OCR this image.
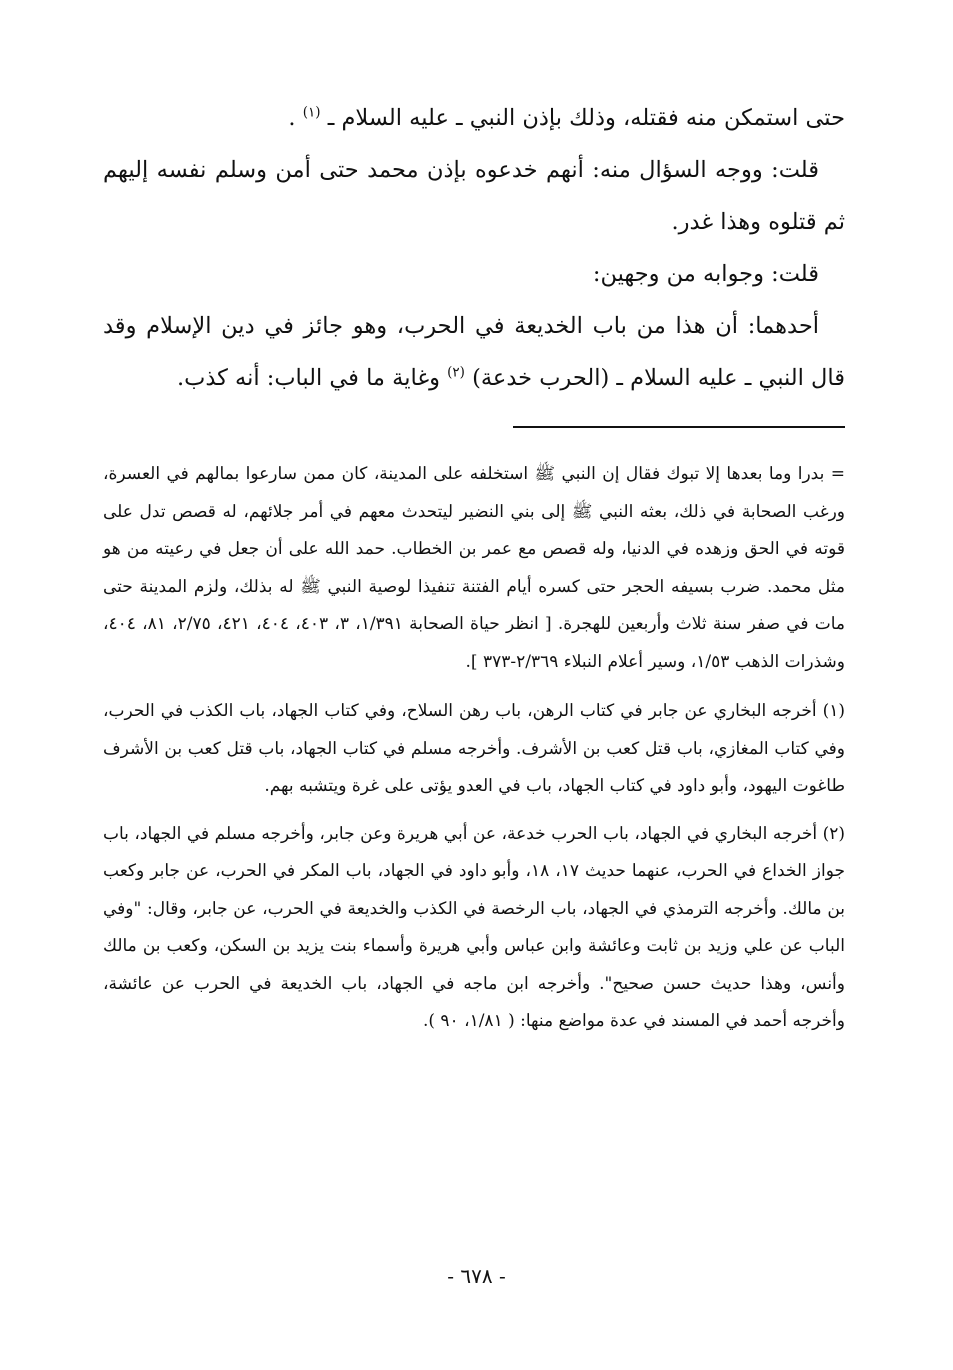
حتى استمكن منه فقتله، وذلك بإذن النبي ـ عليه السلام ـ $^{(١)}$ .

قلت: ووجه السؤال منه: أنهم خدعوه بإذن محمد حتى أمن وسلم نفسه إليهم ثم قتلوه وهذا غدر.

قلت: وجوابه من وجهين:

أحدهما: أن هذا من باب الخديعة في الحرب، وهو جائز في دين الإسلام وقد قال النبي ـ عليه السلام ـ (الحرب خدعة) $^{(٢)}$ وغاية ما في الباب: أنه كذب.

= بدرا وما بعدها إلا تبوك فقال إن النبي ﷺ استخلفه على المدينة، كان ممن سارعوا بمالهم في العسرة، ورغب الصحابة في ذلك، بعثه النبي ﷺ إلى بني النضير ليتحدث معهم في أمر جلائهم، له قصص تدل على قوته في الحق وزهده في الدنيا، وله قصص مع عمر بن الخطاب. حمد الله على أن جعل في رعيته من هو مثل محمد. ضرب بسيفه الحجر حتى كسره أيام الفتنة تنفيذا لوصية النبي ﷺ له بذلك، ولزم المدينة حتى مات في صفر سنة ثلاث وأربعين للهجرة. [ انظر حياة الصحابة ١/٣٩١، ٣، ٤٠٣، ٤٠٤، ٤٢١، ٢/٧٥، ٨١، ٤٠٤، وشذرات الذهب ١/٥٣، وسير أعلام النبلاء ٢/٣٦٩-٣٧٣ ].

(١) أخرجه البخاري عن جابر في كتاب الرهن، باب رهن السلاح، وفي كتاب الجهاد، باب الكذب في الحرب، وفي كتاب المغازي، باب قتل كعب بن الأشرف. وأخرجه مسلم في كتاب الجهاد، باب قتل كعب بن الأشرف طاغوت اليهود، وأبو داود في كتاب الجهاد، باب في العدو يؤتى على غرة ويتشبه بهم.

(٢) أخرجه البخاري في الجهاد، باب الحرب خدعة، عن أبي هريرة وعن جابر، وأخرجه مسلم في الجهاد، باب جواز الخداع في الحرب، عنهما حديث ١٧، ١٨، وأبو داود في الجهاد، باب المكر في الحرب، عن جابر وكعب بن مالك. وأخرجه الترمذي في الجهاد، باب الرخصة في الكذب والخديعة في الحرب، عن جابر، وقال: "وفي الباب عن علي وزيد بن ثابت وعائشة وابن عباس وأبي هريرة وأسماء بنت يزيد بن السكن، وكعب بن مالك وأنس، وهذا حديث حسن صحيح". وأخرجه ابن ماجه في الجهاد، باب الخديعة في الحرب عن عائشة، وأخرجه أحمد في المسند في عدة مواضع منها: ( ١/٨١، ٩٠ ).

- ٦٧٨ -
